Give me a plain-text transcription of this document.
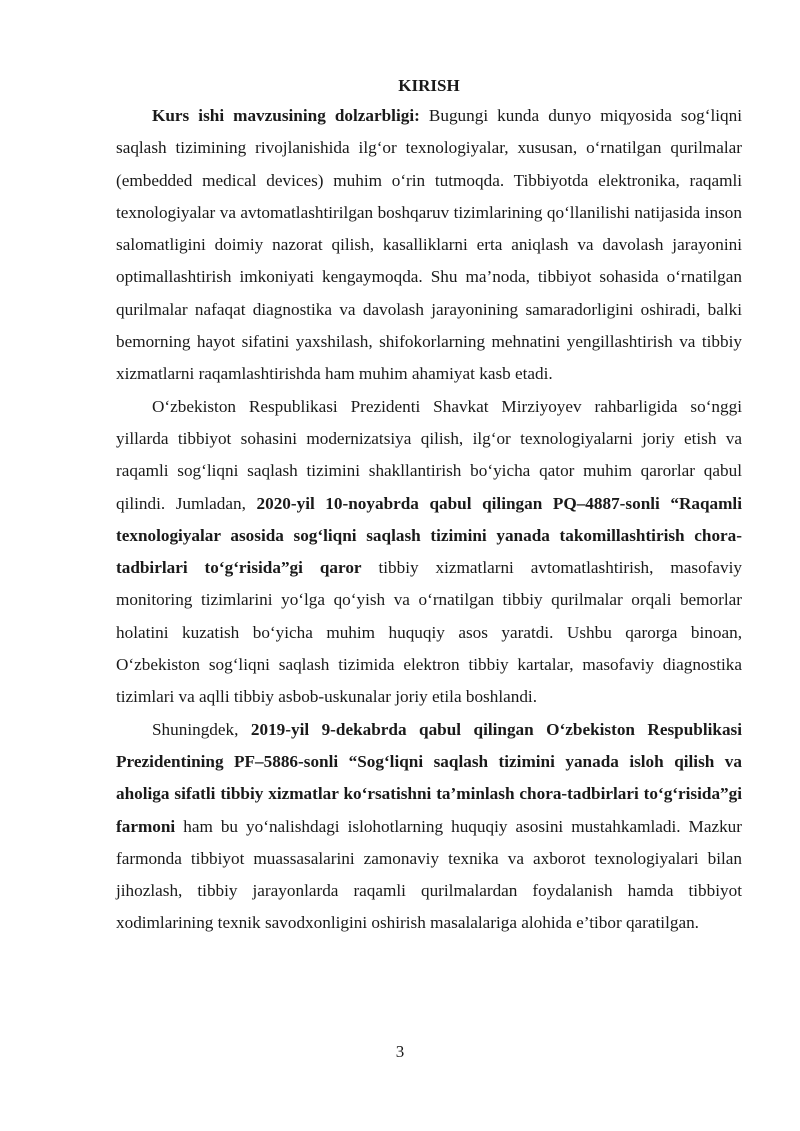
KIRISH

Kurs ishi mavzusining dolzarbligi: Bugungi kunda dunyo miqyosida sog‘liqni saqlash tizimining rivojlanishida ilg‘or texnologiyalar, xususan, o‘rnatilgan qurilmalar (embedded medical devices) muhim o‘rin tutmoqda. Tibbiyotda elektronika, raqamli texnologiyalar va avtomatlashtirilgan boshqaruv tizimlarining qo‘llanilishi natijasida inson salomatligini doimiy nazorat qilish, kasalliklarni erta aniqlash va davolash jarayonini optimallashtirish imkoniyati kengaymoqda. Shu ma’noda, tibbiyot sohasida o‘rnatilgan qurilmalar nafaqat diagnostika va davolash jarayonining samaradorligini oshiradi, balki bemorning hayot sifatini yaxshilash, shifokorlarning mehnatini yengillashtirish va tibbiy xizmatlarni raqamlashtirishda ham muhim ahamiyat kasb etadi.

O‘zbekiston Respublikasi Prezidenti Shavkat Mirziyoyev rahbarligida so‘nggi yillarda tibbiyot sohasini modernizatsiya qilish, ilg‘or texnologiyalarni joriy etish va raqamli sog‘liqni saqlash tizimini shakllantirish bo‘yicha qator muhim qarorlar qabul qilindi. Jumladan, 2020-yil 10-noyabrda qabul qilingan PQ–4887-sonli “Raqamli texnologiyalar asosida sog‘liqni saqlash tizimini yanada takomillashtirish chora-tadbirlari to‘g‘risida”gi qaror tibbiy xizmatlarni avtomatlashtirish, masofaviy monitoring tizimlarini yo‘lga qo‘yish va o‘rnatilgan tibbiy qurilmalar orqali bemorlar holatini kuzatish bo‘yicha muhim huquqiy asos yaratdi. Ushbu qarorga binoan, O‘zbekiston sog‘liqni saqlash tizimida elektron tibbiy kartalar, masofaviy diagnostika tizimlari va aqlli tibbiy asbob-uskunalar joriy etila boshlandi.

Shuningdek, 2019-yil 9-dekabrda qabul qilingan O‘zbekiston Respublikasi Prezidentining PF–5886-sonli “Sog‘liqni saqlash tizimini yanada isloh qilish va aholiga sifatli tibbiy xizmatlar ko‘rsatishni ta’minlash chora-tadbirlari to‘g‘risida”gi farmoni ham bu yo‘nalishdagi islohotlarning huquqiy asosini mustahkamladi. Mazkur farmonda tibbiyot muassasalarini zamonaviy texnika va axborot texnologiyalari bilan jihozlash, tibbiy jarayonlarda raqamli qurilmalardan foydalanish hamda tibbiyot xodimlarining texnik savodxonligini oshirish masalalariga alohida e’tibor qaratilgan.

3
